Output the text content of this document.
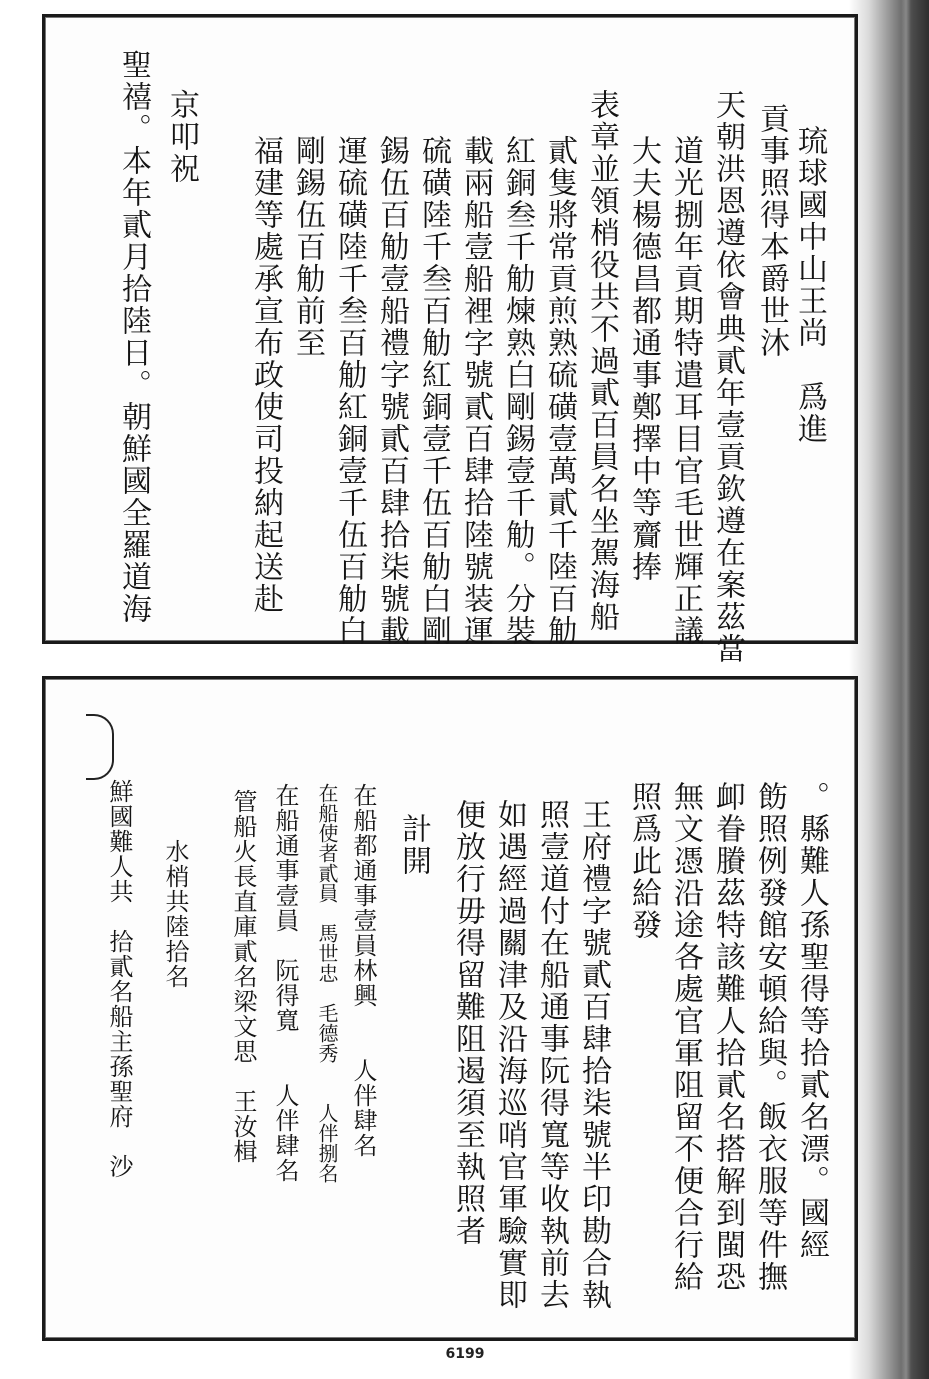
琉球國中山王尚　爲進
貢事照得本爵世沐
天朝洪恩遵依會典貳年壹貢欽遵在案茲當
道光捌年貢期特遣耳目官毛世輝正議
大夫楊德昌都通事鄭擇中等齎捧
表章並領梢役共不過貳百員名坐駕海船
貳隻將常貢煎熟硫磺壹萬貳千陸百觔
紅銅叁千觔煉熟白剛錫壹千觔。分裝
載兩船壹船裡字號貳百肆拾陸號装運
硫磺陸千叁百觔紅銅壹千伍百觔白剛
錫伍百觔壹船禮字號貳百肆拾柒號載
運硫磺陸千叁百觔紅銅壹千伍百觔白
剛錫伍百觔前至
福建等處承宣布政使司投納起送赴
京叩祝
聖禧。本年貳月拾陸日。朝鮮國全羅道海
。縣難人孫聖得等拾貳名漂。國經
飭照例發館安頓給與。飯衣服等件撫
卹眷賸茲特該難人拾貳名搭解到閩恐
無文憑沿途各處官軍阻留不便合行給
照爲此給發
王府禮字號貳百肆拾柒號半印勘合執
照壹道付在船通事阮得寬等收執前去
如遇經過關津及沿海巡哨官軍驗實即
便放行毋得留難阻遏須至執照者
計開
在船都通事壹員林興　　人伴肆名
在船使者貳員　馬世忠　毛德秀　　人伴捌名
在船通事壹員　阮得寬　　人伴肆名
管船火長直庫貳名梁文思　王汝楫
水梢共陸拾名
鮮國難人共　拾貳名船主孫聖府　沙
6199
